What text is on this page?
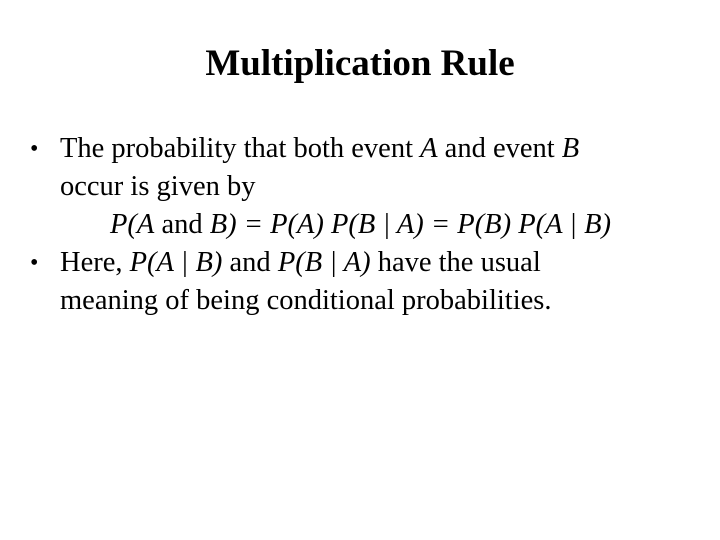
Multiplication Rule
• The probability that both event A and event B
occur is given by
P(A and B) = P(A) P(B | A) = P(B) P(A | B)
• Here, P(A | B) and P(B | A) have the usual
meaning of being conditional probabilities.
